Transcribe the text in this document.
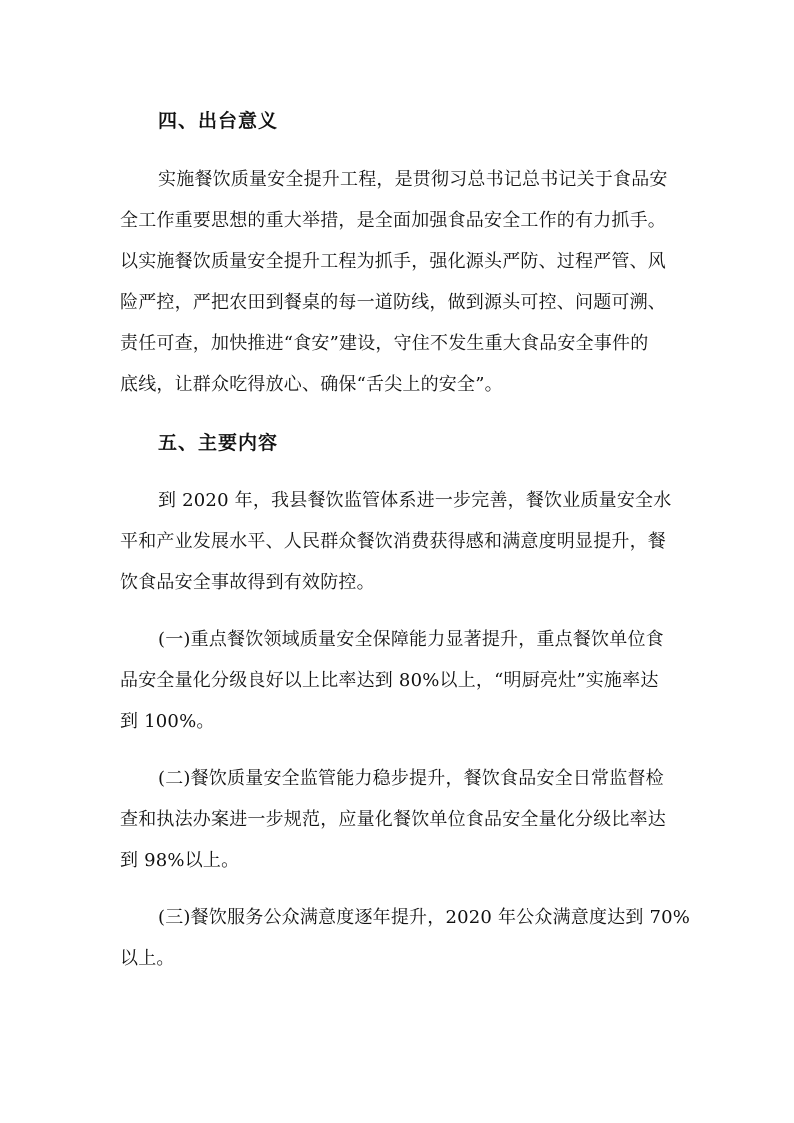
四、出台意义
实施餐饮质量安全提升工程，是贯彻习总书记总书记关于食品安
全工作重要思想的重大举措，是全面加强食品安全工作的有力抓手。
以实施餐饮质量安全提升工程为抓手，强化源头严防、过程严管、风
险严控，严把农田到餐桌的每一道防线，做到源头可控、问题可溯、
责任可查，加快推进“食安”建设，守住不发生重大食品安全事件的
底线，让群众吃得放心、确保“舌尖上的安全”。
五、主要内容
到 2020 年，我县餐饮监管体系进一步完善，餐饮业质量安全水
平和产业发展水平、人民群众餐饮消费获得感和满意度明显提升，餐
饮食品安全事故得到有效防控。
(一)重点餐饮领域质量安全保障能力显著提升，重点餐饮单位食
品安全量化分级良好以上比率达到 80%以上，“明厨亮灶”实施率达
到 100%。
(二)餐饮质量安全监管能力稳步提升，餐饮食品安全日常监督检
查和执法办案进一步规范，应量化餐饮单位食品安全量化分级比率达
到 98%以上。
(三)餐饮服务公众满意度逐年提升，2020 年公众满意度达到 70%
以上。
